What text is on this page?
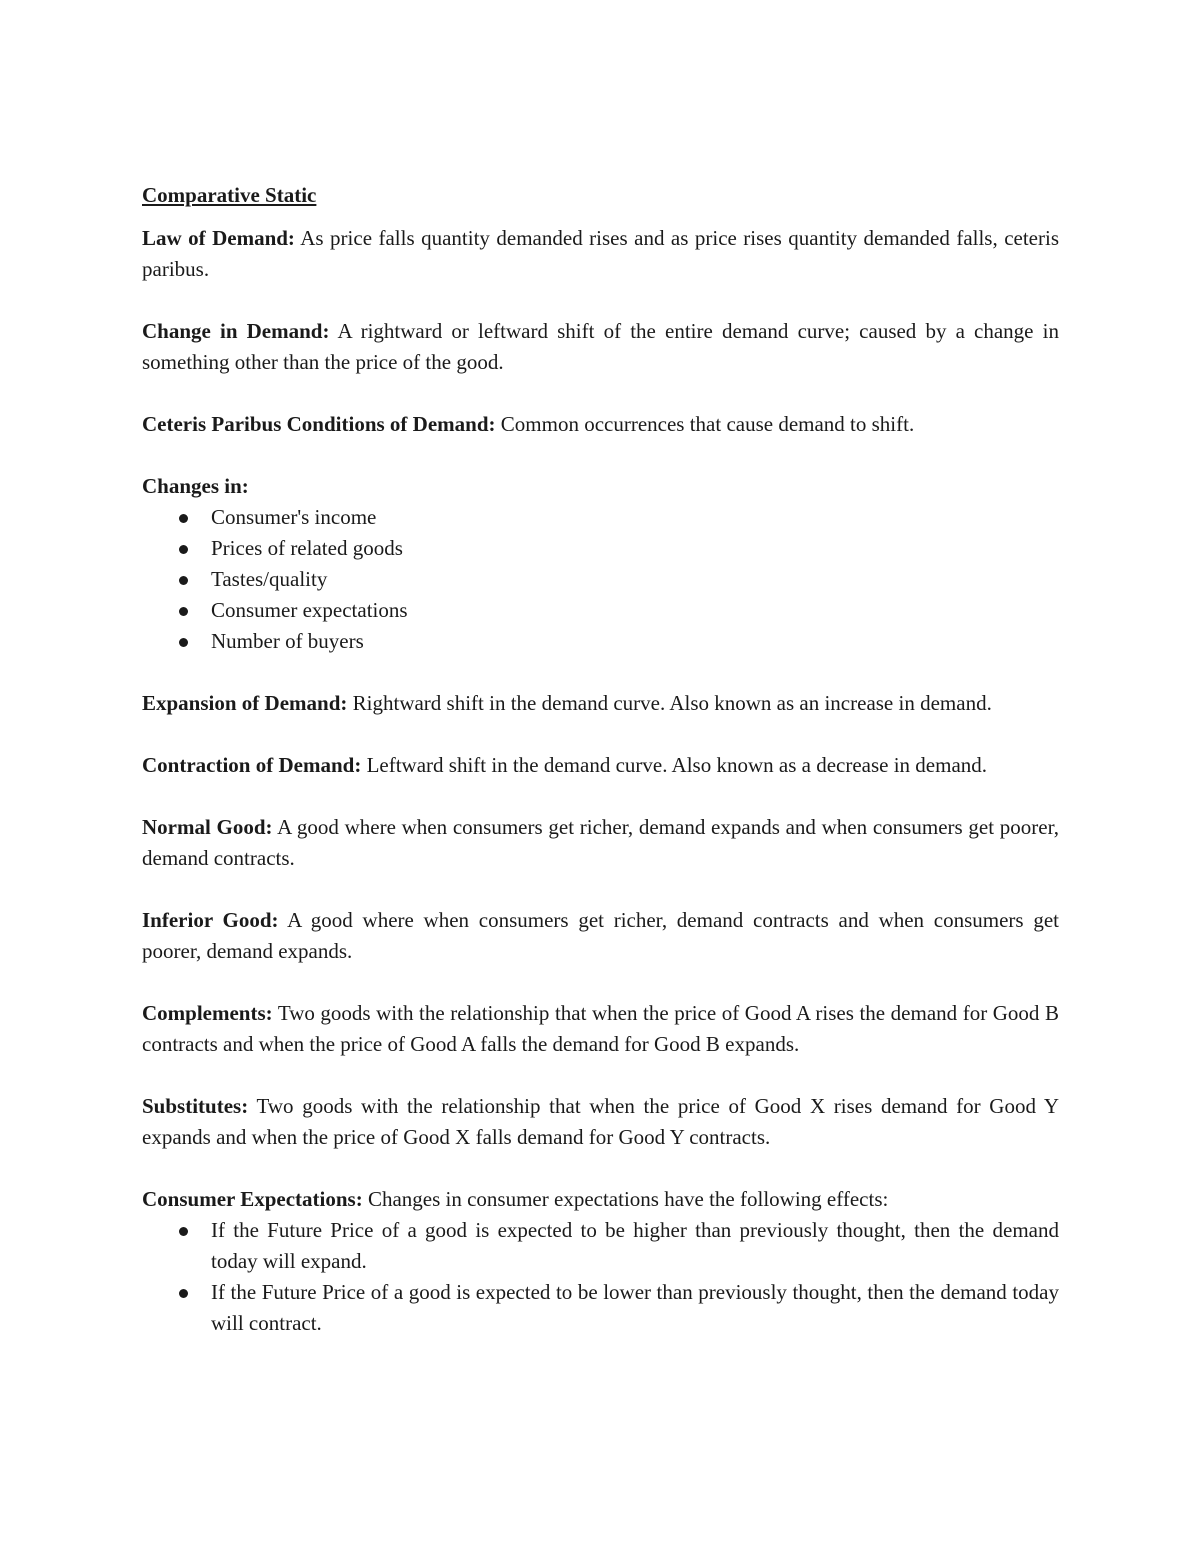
Comparative Static

Law of Demand: As price falls quantity demanded rises and as price rises quantity demanded falls, ceteris paribus.

Change in Demand: A rightward or leftward shift of the entire demand curve; caused by a change in something other than the price of the good.

Ceteris Paribus Conditions of Demand: Common occurrences that cause demand to shift.

Changes in:

Consumer's income
Prices of related goods
Tastes/quality
Consumer expectations
Number of buyers

Expansion of Demand: Rightward shift in the demand curve. Also known as an increase in demand.

Contraction of Demand: Leftward shift in the demand curve. Also known as a decrease in demand.

Normal Good: A good where when consumers get richer, demand expands and when consumers get poorer, demand contracts.

Inferior Good: A good where when consumers get richer, demand contracts and when consumers get poorer, demand expands.

Complements: Two goods with the relationship that when the price of Good A rises the demand for Good B contracts and when the price of Good A falls the demand for Good B expands.

Substitutes: Two goods with the relationship that when the price of Good X rises demand for Good Y expands and when the price of Good X falls demand for Good Y contracts.

Consumer Expectations: Changes in consumer expectations have the following effects:

If the Future Price of a good is expected to be higher than previously thought, then the demand today will expand.
If the Future Price of a good is expected to be lower than previously thought, then the demand today will contract.
